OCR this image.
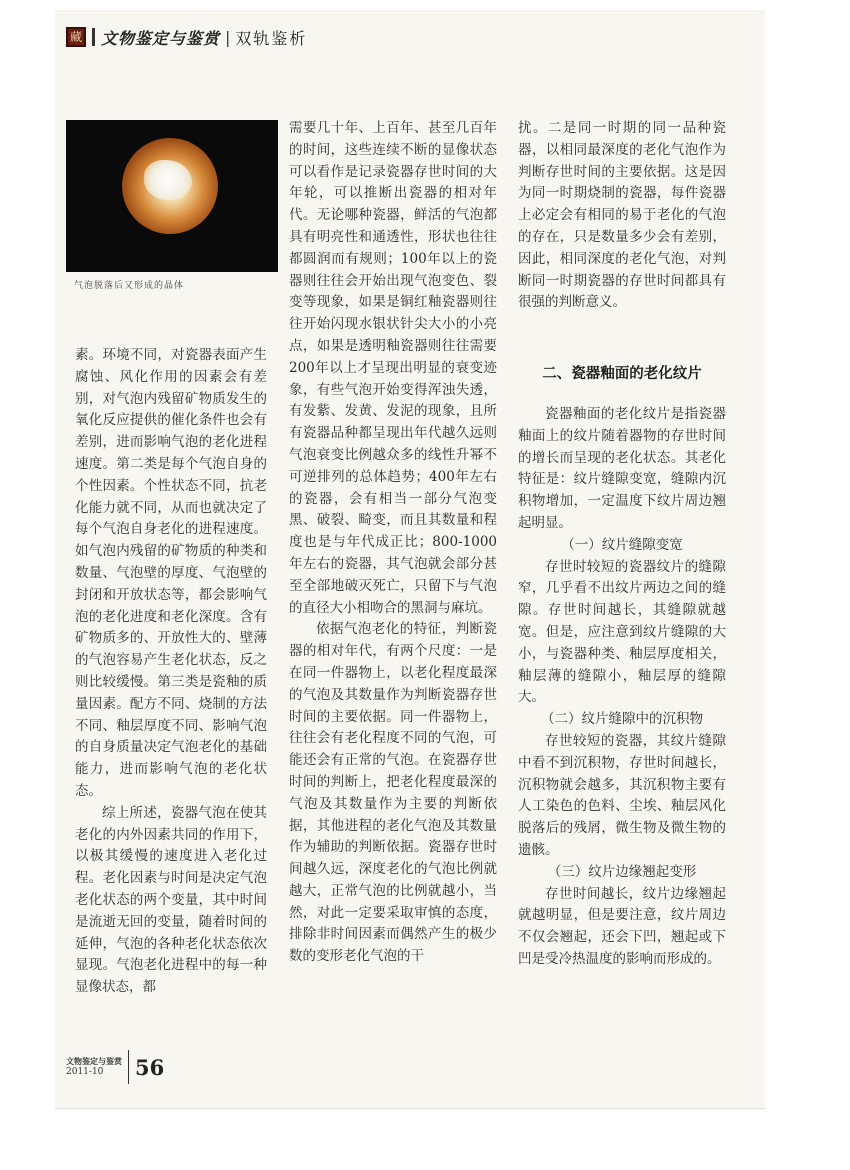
藏 文物鉴定与鉴赏 | 双轨鉴析
气泡脱落后又形成的晶体

素。环境不同，对瓷器表面产生腐蚀、风化作用的因素会有差别，对气泡内残留矿物质发生的氧化反应提供的催化条件也会有差别，进而影响气泡的老化进程速度。第二类是每个气泡自身的个性因素。个性状态不同，抗老化能力就不同，从而也就决定了每个气泡自身老化的进程速度。如气泡内残留的矿物质的种类和数量、气泡壁的厚度、气泡壁的封闭和开放状态等，都会影响气泡的老化进度和老化深度。含有矿物质多的、开放性大的、壁薄的气泡容易产生老化状态，反之则比较缓慢。第三类是瓷釉的质量因素。配方不同、烧制的方法不同、釉层厚度不同、影响气泡的自身质量决定气泡老化的基础能力，进而影响气泡的老化状态。

综上所述，瓷器气泡在使其老化的内外因素共同的作用下，以极其缓慢的速度进入老化过程。老化因素与时间是决定气泡老化状态的两个变量，其中时间是流逝无回的变量，随着时间的延伸，气泡的各种老化状态依次显现。气泡老化进程中的每一种显像状态，都

需要几十年、上百年、甚至几百年的时间，这些连续不断的显像状态可以看作是记录瓷器存世时间的大年轮，可以推断出瓷器的相对年代。无论哪种瓷器，鲜活的气泡都具有明亮性和通透性，形状也往往都圆润而有规则；100年以上的瓷器则往往会开始出现气泡变色、裂变等现象，如果是铜红釉瓷器则往往开始闪现水银状针尖大小的小亮点，如果是透明釉瓷器则往往需要200年以上才呈现出明显的衰变迹象，有些气泡开始变得浑浊失透，有发紫、发黄、发泥的现象，且所有瓷器品种都呈现出年代越久远则气泡衰变比例越众多的线性升幂不可逆排列的总体趋势；400年左右的瓷器，会有相当一部分气泡变黑、破裂、畸变，而且其数量和程度也是与年代成正比；800-1000年左右的瓷器，其气泡就会部分甚至全部地破灭死亡，只留下与气泡的直径大小相吻合的黑洞与麻坑。

依据气泡老化的特征，判断瓷器的相对年代，有两个尺度：一是在同一件器物上，以老化程度最深的气泡及其数量作为判断瓷器存世时间的主要依据。同一件器物上，往往会有老化程度不同的气泡，可能还会有正常的气泡。在瓷器存世时间的判断上，把老化程度最深的气泡及其数量作为主要的判断依据，其他进程的老化气泡及其数量作为辅助的判断依据。瓷器存世时间越久远，深度老化的气泡比例就越大，正常气泡的比例就越小，当然，对此一定要采取审慎的态度，排除非时间因素而偶然产生的极少数的变形老化气泡的干

扰。二是同一时期的同一品种瓷器，以相同最深度的老化气泡作为判断存世时间的主要依据。这是因为同一时期烧制的瓷器，每件瓷器上必定会有相同的易于老化的气泡的存在，只是数量多少会有差别，因此，相同深度的老化气泡，对判断同一时期瓷器的存世时间都具有很强的判断意义。

二、瓷器釉面的老化纹片

瓷器釉面的老化纹片是指瓷器釉面上的纹片随着器物的存世时间的增长而呈现的老化状态。其老化特征是：纹片缝隙变宽，缝隙内沉积物增加，一定温度下纹片周边翘起明显。

（一）纹片缝隙变宽

存世时较短的瓷器纹片的缝隙窄，几乎看不出纹片两边之间的缝隙。存世时间越长，其缝隙就越宽。但是，应注意到纹片缝隙的大小，与瓷器种类、釉层厚度相关，釉层薄的缝隙小，釉层厚的缝隙大。

（二）纹片缝隙中的沉积物

存世较短的瓷器，其纹片缝隙中看不到沉积物，存世时间越长，沉积物就会越多，其沉积物主要有人工染色的色料、尘埃、釉层风化脱落后的残屑，微生物及微生物的遗骸。

（三）纹片边缘翘起变形

存世时间越长，纹片边缘翘起就越明显，但是要注意，纹片周边不仅会翘起，还会下凹，翘起或下凹是受冷热温度的影响而形成的。

文物鉴定与鉴赏
2011-10	56
